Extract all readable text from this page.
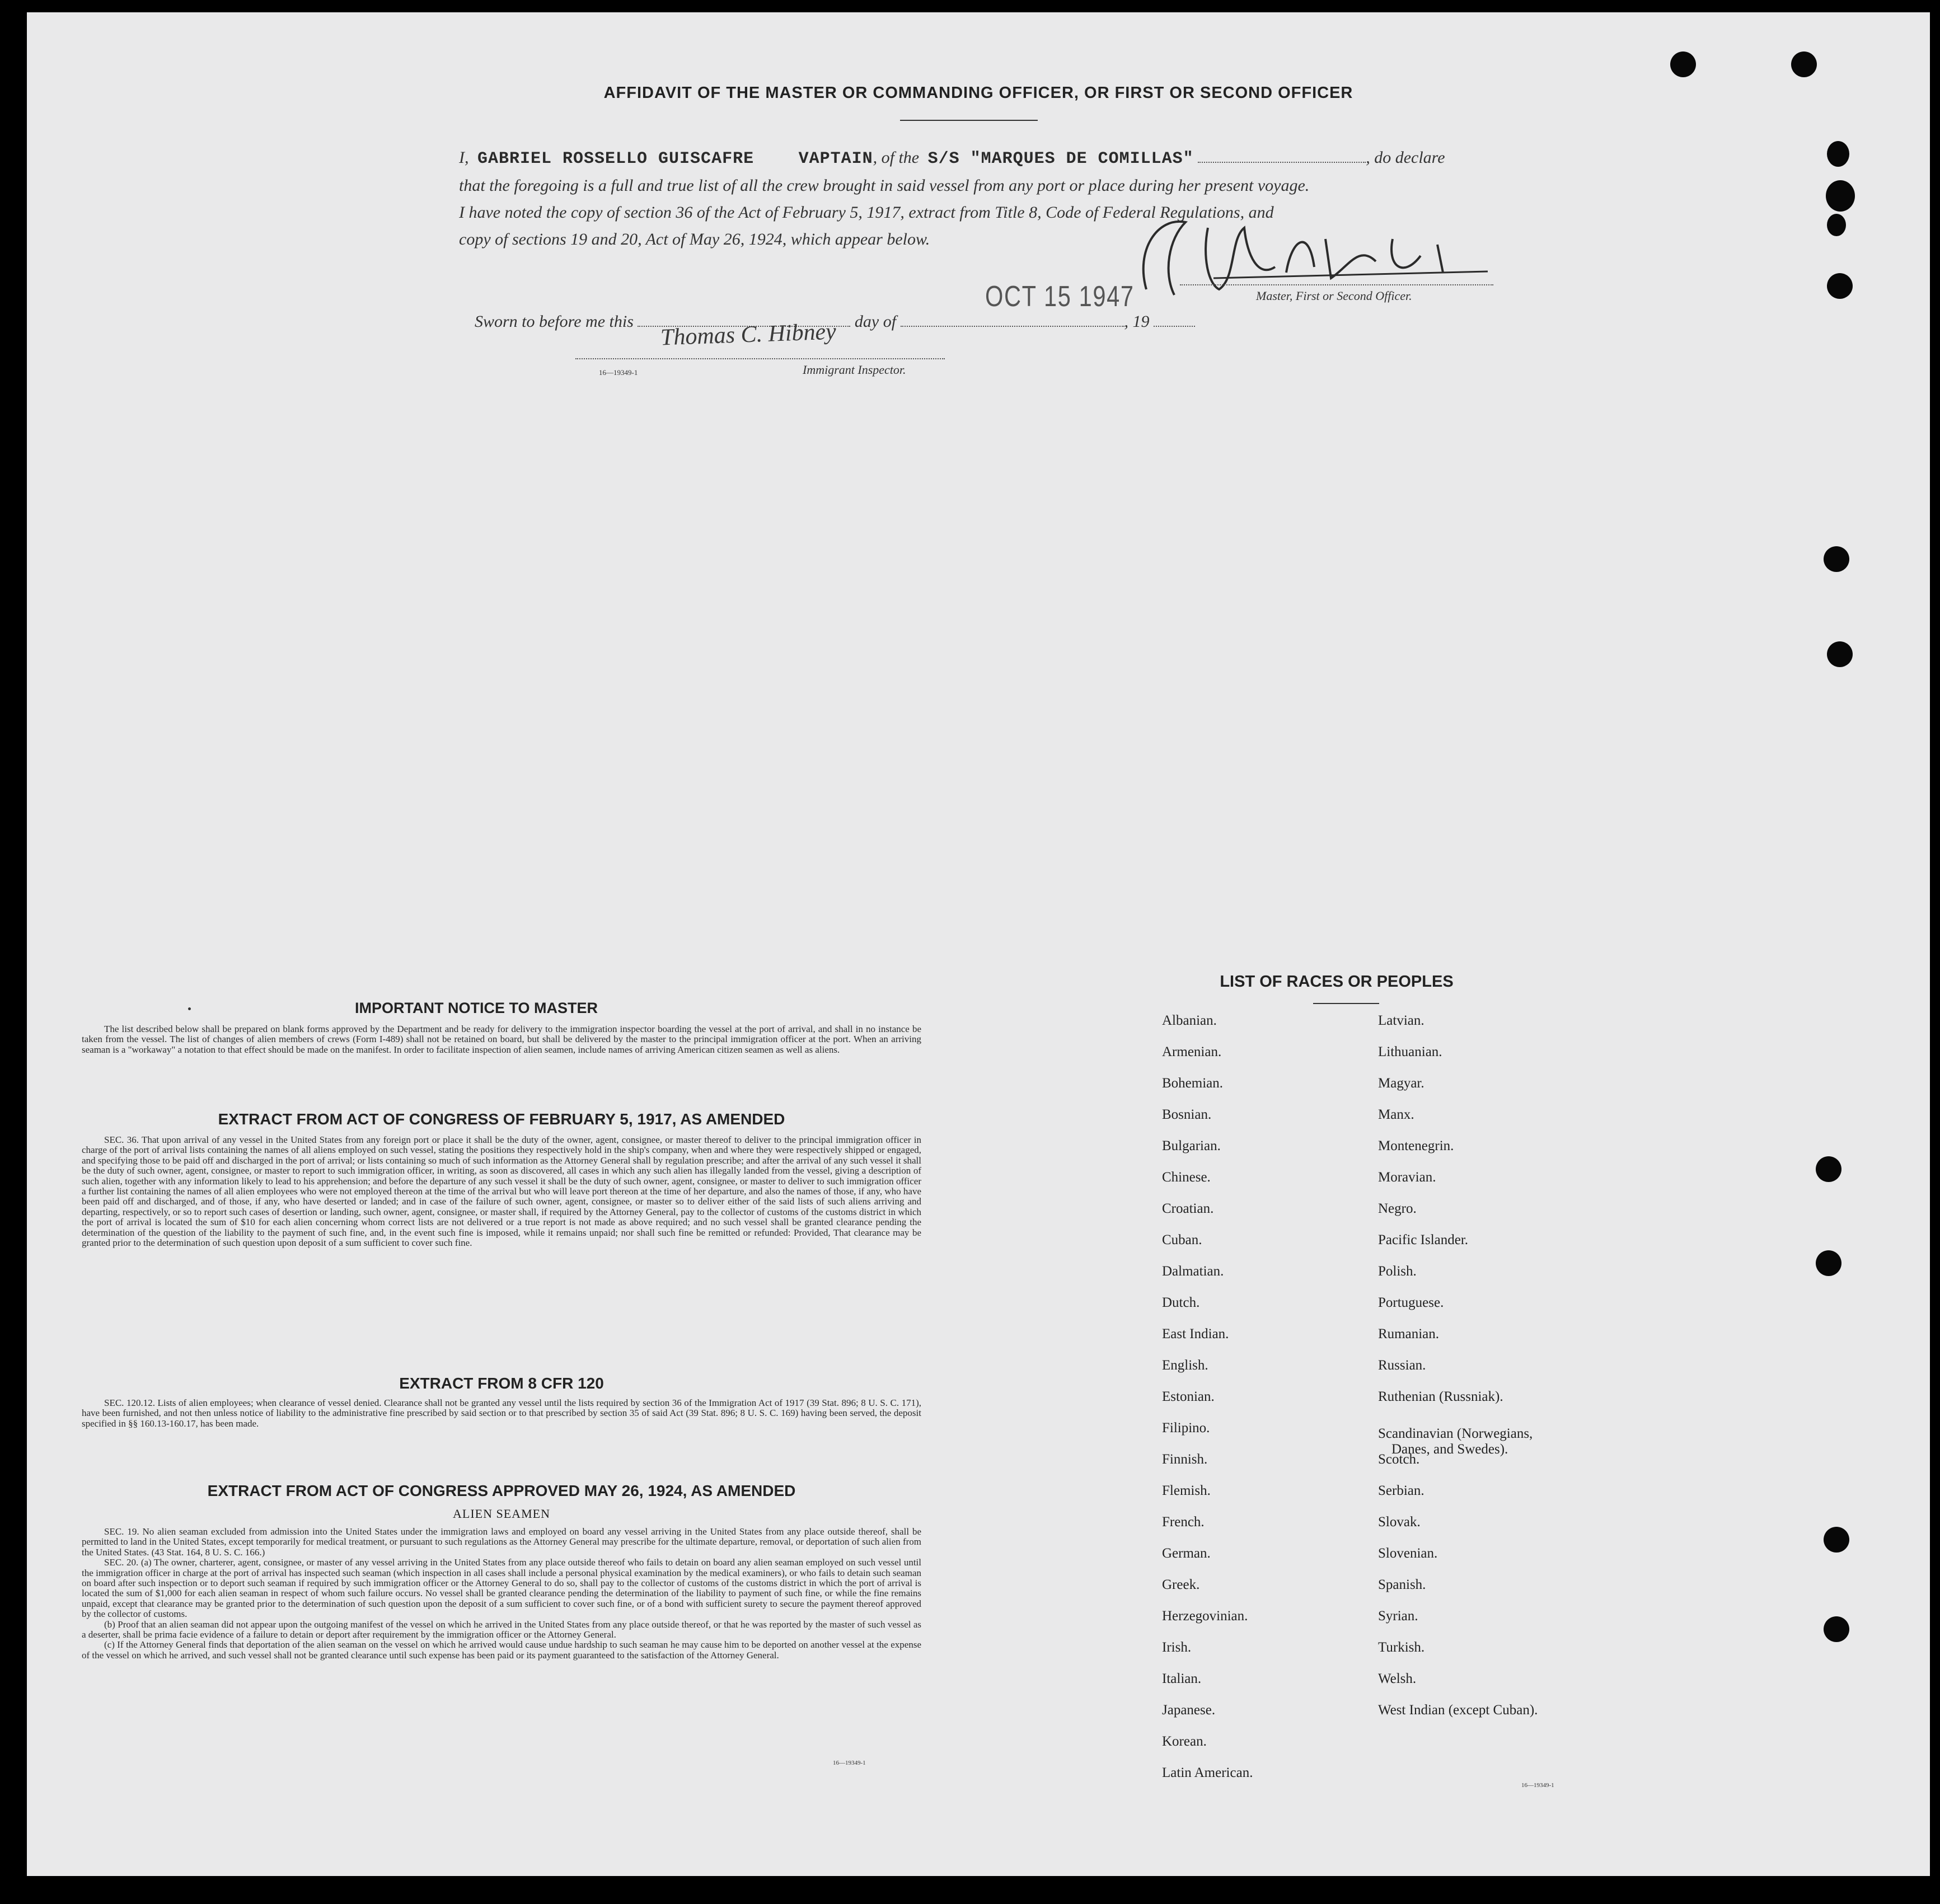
AFFIDAVIT OF THE MASTER OR COMMANDING OFFICER, OR FIRST OR SECOND OFFICER
I, GABRIEL ROSSELLO GUISCAFRE	VAPTAIN, of the S/S "MARQUES DE COMILLAS"	, do declare
that the foregoing is a full and true list of all the crew brought in said vessel from any port or place during her present voyage.
I have noted the copy of section 36 of the Act of February 5, 1917, extract from Title 8, Code of Federal Regulations, and
copy of sections 19 and 20, Act of May 26, 1924, which appear below.
Master, First or Second Officer.
OCT 15 1947
Sworn to before me this	day of	, 19
Thomas C. Hibney
16—19349-1	Immigrant Inspector.
IMPORTANT NOTICE TO MASTER

The list described below shall be prepared on blank forms approved by the Department and be ready for delivery to the immigration inspector boarding the vessel at the port of arrival, and shall in no instance be taken from the vessel. The list of changes of alien members of crews (Form I-489) shall not be retained on board, but shall be delivered by the master to the principal immigration officer at the port. When an arriving seaman is a "workaway" a notation to that effect should be made on the manifest. In order to facilitate inspection of alien seamen, include names of arriving American citizen seamen as well as aliens.

EXTRACT FROM ACT OF CONGRESS OF FEBRUARY 5, 1917, AS AMENDED

SEC. 36. That upon arrival of any vessel in the United States from any foreign port or place it shall be the duty of the owner, agent, consignee, or master thereof to deliver to the principal immigration officer in charge of the port of arrival lists containing the names of all aliens employed on such vessel, stating the positions they respectively hold in the ship's company, when and where they were respectively shipped or engaged, and specifying those to be paid off and discharged in the port of arrival; or lists containing so much of such information as the Attorney General shall by regulation prescribe; and after the arrival of any such vessel it shall be the duty of such owner, agent, consignee, or master to report to such immigration officer, in writing, as soon as discovered, all cases in which any such alien has illegally landed from the vessel, giving a description of such alien, together with any information likely to lead to his apprehension; and before the departure of any such vessel it shall be the duty of such owner, agent, consignee, or master to deliver to such immigration officer a further list containing the names of all alien employees who were not employed thereon at the time of the arrival but who will leave port thereon at the time of her departure, and also the names of those, if any, who have been paid off and discharged, and of those, if any, who have deserted or landed; and in case of the failure of such owner, agent, consignee, or master so to deliver either of the said lists of such aliens arriving and departing, respectively, or so to report such cases of desertion or landing, such owner, agent, consignee, or master shall, if required by the Attorney General, pay to the collector of customs of the customs district in which the port of arrival is located the sum of $10 for each alien concerning whom correct lists are not delivered or a true report is not made as above required; and no such vessel shall be granted clearance pending the determination of the question of the liability to the payment of such fine, and, in the event such fine is imposed, while it remains unpaid; nor shall such fine be remitted or refunded: Provided, That clearance may be granted prior to the determination of such question upon deposit of a sum sufficient to cover such fine.

EXTRACT FROM 8 CFR 120

SEC. 120.12. Lists of alien employees; when clearance of vessel denied. Clearance shall not be granted any vessel until the lists required by section 36 of the Immigration Act of 1917 (39 Stat. 896; 8 U. S. C. 171), have been furnished, and not then unless notice of liability to the administrative fine prescribed by said section or to that prescribed by section 35 of said Act (39 Stat. 896; 8 U. S. C. 169) having been served, the deposit specified in §§ 160.13-160.17, has been made.

EXTRACT FROM ACT OF CONGRESS APPROVED MAY 26, 1924, AS AMENDED
ALIEN SEAMEN

SEC. 19. No alien seaman excluded from admission into the United States under the immigration laws and employed on board any vessel arriving in the United States from any place outside thereof, shall be permitted to land in the United States, except temporarily for medical treatment, or pursuant to such regulations as the Attorney General may prescribe for the ultimate departure, removal, or deportation of such alien from the United States. (43 Stat. 164, 8 U. S. C. 166.)

SEC. 20. (a) The owner, charterer, agent, consignee, or master of any vessel arriving in the United States from any place outside thereof who fails to detain on board any alien seaman employed on such vessel until the immigration officer in charge at the port of arrival has inspected such seaman (which inspection in all cases shall include a personal physical examination by the medical examiners), or who fails to detain such seaman on board after such inspection or to deport such seaman if required by such immigration officer or the Attorney General to do so, shall pay to the collector of customs of the customs district in which the port of arrival is located the sum of $1,000 for each alien seaman in respect of whom such failure occurs. No vessel shall be granted clearance pending the determination of the liability to payment of such fine, or while the fine remains unpaid, except that clearance may be granted prior to the determination of such question upon the deposit of a sum sufficient to cover such fine, or of a bond with sufficient surety to secure the payment thereof approved by the collector of customs.

(b) Proof that an alien seaman did not appear upon the outgoing manifest of the vessel on which he arrived in the United States from any place outside thereof, or that he was reported by the master of such vessel as a deserter, shall be prima facie evidence of a failure to detain or deport after requirement by the immigration officer or the Attorney General.

(c) If the Attorney General finds that deportation of the alien seaman on the vessel on which he arrived would cause undue hardship to such seaman he may cause him to be deported on another vessel at the expense of the vessel on which he arrived, and such vessel shall not be granted clearance until such expense has been paid or its payment guaranteed to the satisfaction of the Attorney General.

16—19349-1
LIST OF RACES OR PEOPLES
Albanian.
Armenian.
Bohemian.
Bosnian.
Bulgarian.
Chinese.
Croatian.
Cuban.
Dalmatian.
Dutch.
East Indian.
English.
Estonian.
Filipino.
Finnish.
Flemish.
French.
German.
Greek.
Herzegovinian.
Irish.
Italian.
Japanese.
Korean.
Latin American.
Latvian.
Lithuanian.
Magyar.
Manx.
Montenegrin.
Moravian.
Negro.
Pacific Islander.
Polish.
Portuguese.
Rumanian.
Russian.
Ruthenian (Russniak).
Scandinavian (Norwegians,
Danes, and Swedes).
Scotch.
Serbian.
Slovak.
Slovenian.
Spanish.
Syrian.
Turkish.
Welsh.
West Indian (except Cuban).
16—19349-1
